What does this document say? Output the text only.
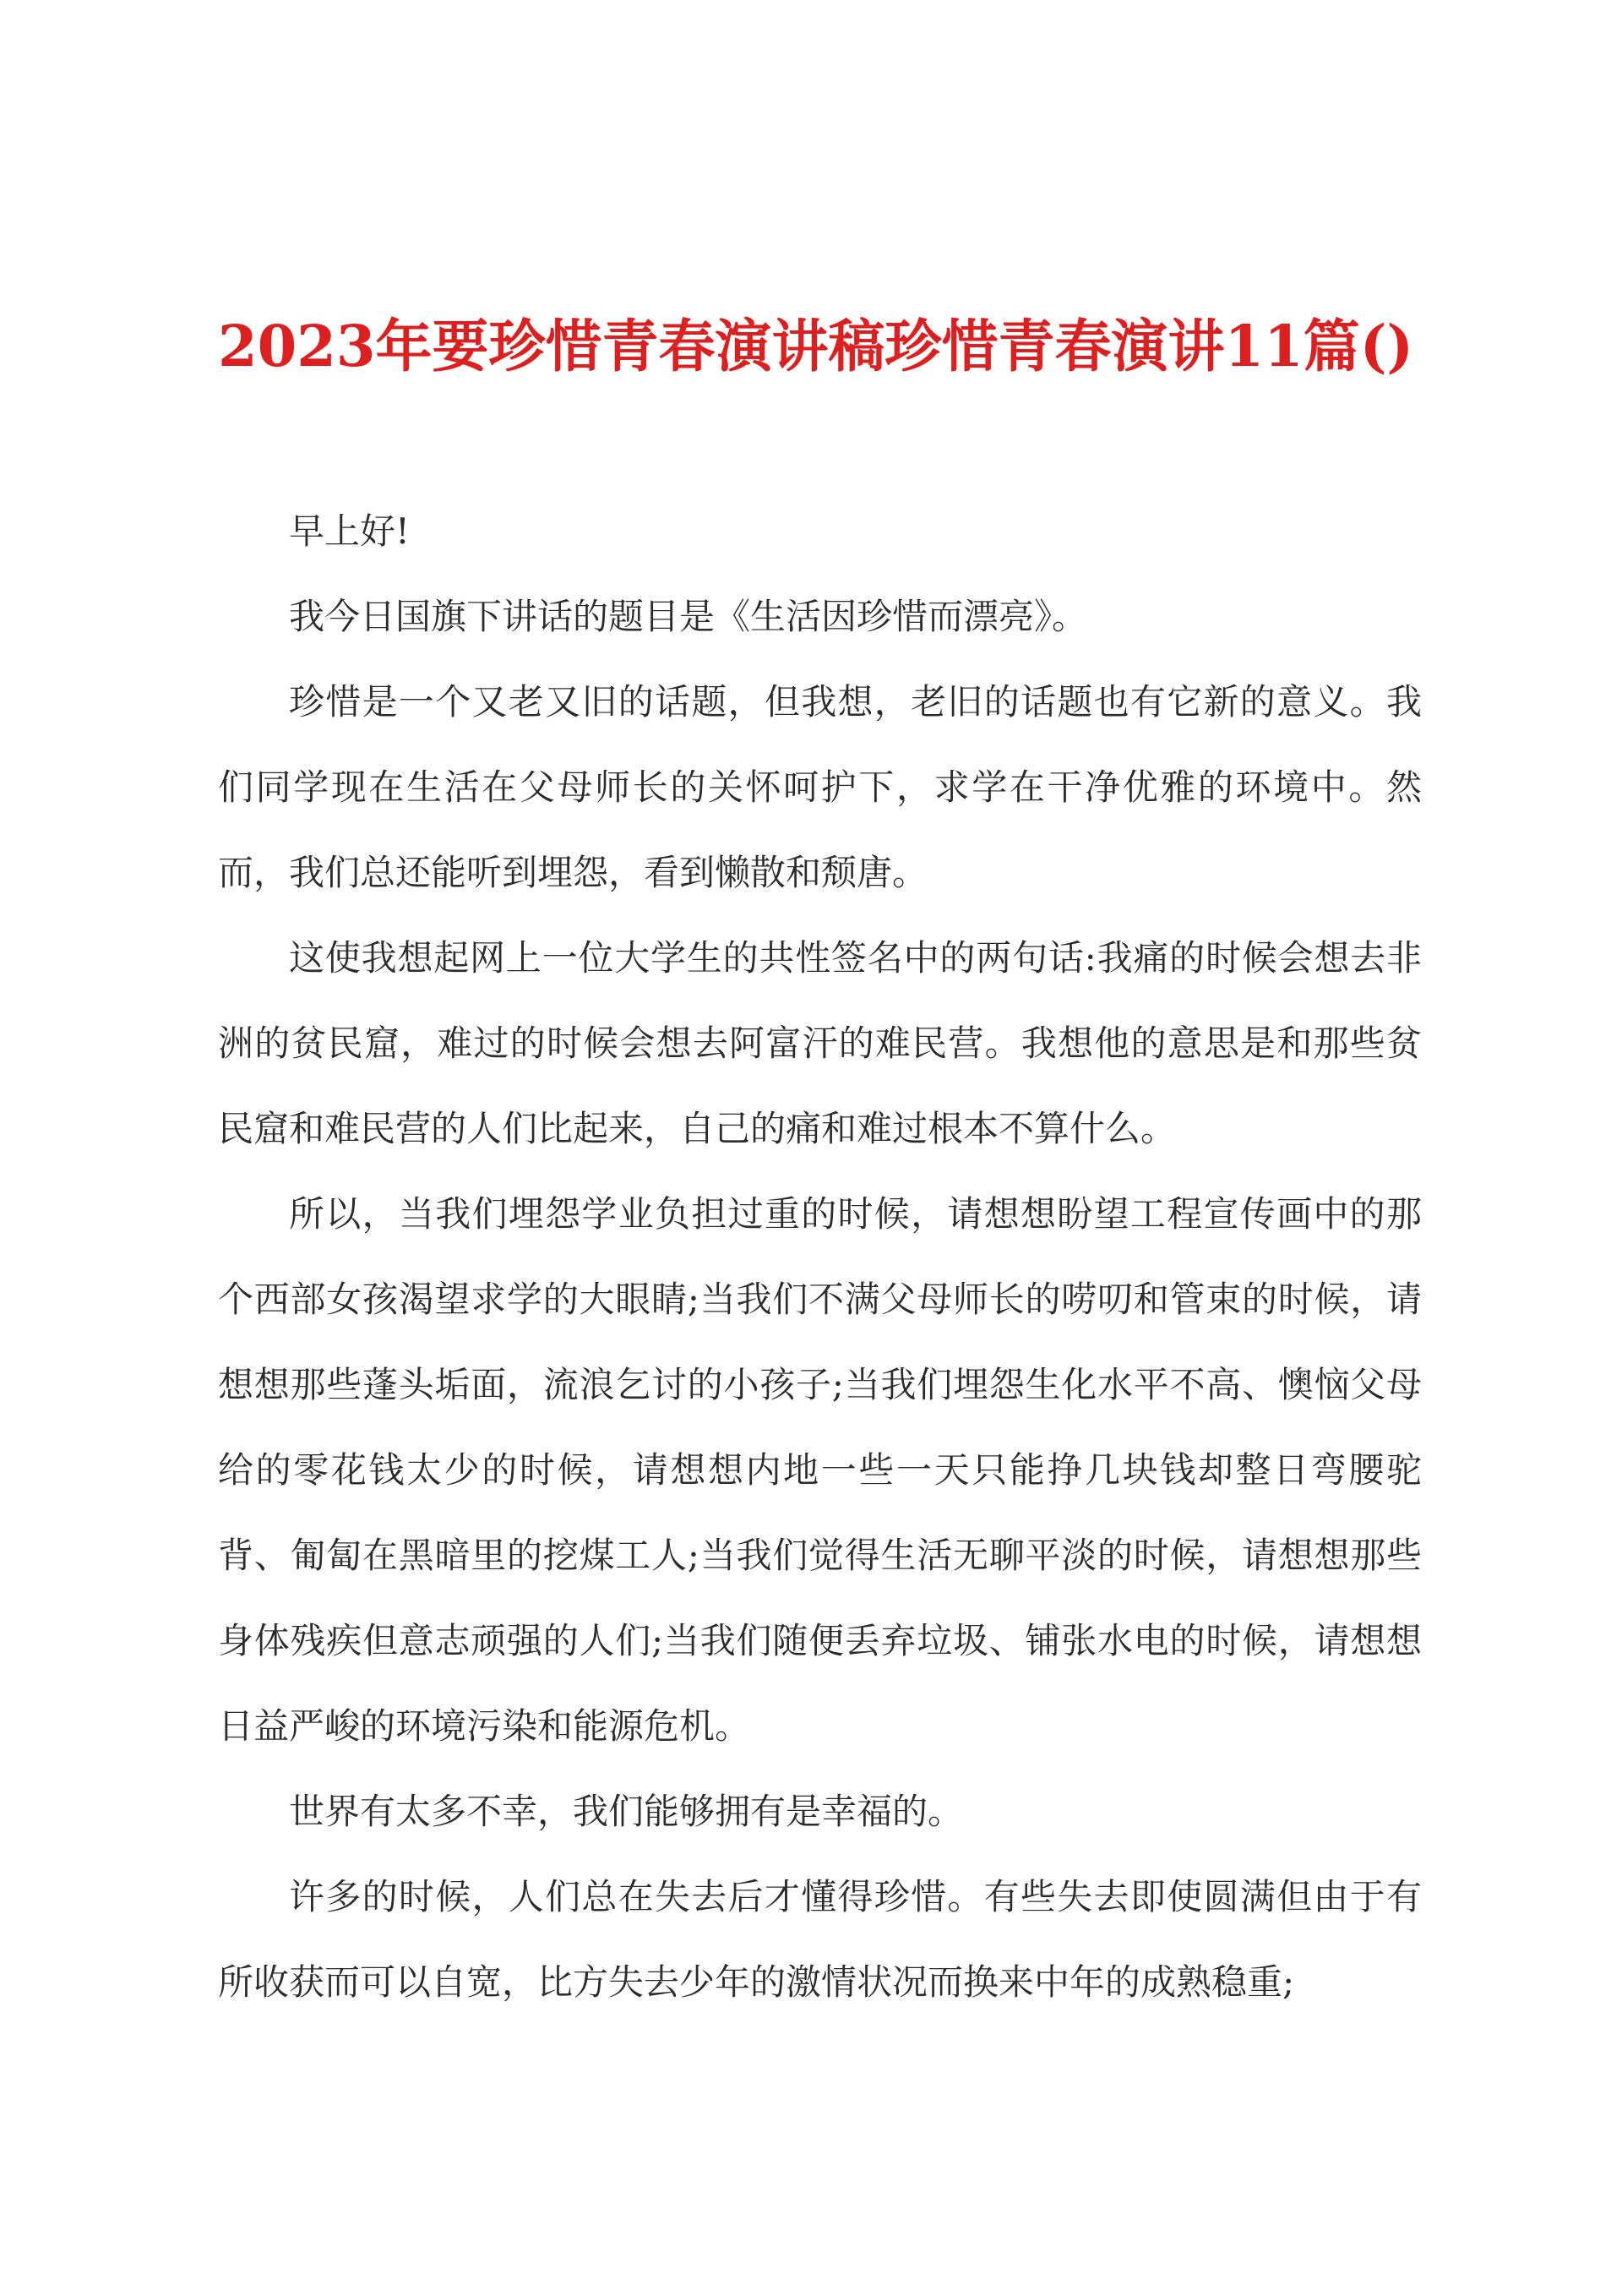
2023年要珍惜青春演讲稿珍惜青春演讲11篇()

早上好!

我今日国旗下讲话的题目是《生活因珍惜而漂亮》。

珍惜是一个又老又旧的话题，但我想，老旧的话题也有它新的意义。我们同学现在生活在父母师长的关怀呵护下，求学在干净优雅的环境中。然而，我们总还能听到埋怨，看到懒散和颓唐。

这使我想起网上一位大学生的共性签名中的两句话:我痛的时候会想去非洲的贫民窟，难过的时候会想去阿富汗的难民营。我想他的意思是和那些贫民窟和难民营的人们比起来，自己的痛和难过根本不算什么。

所以，当我们埋怨学业负担过重的时候，请想想盼望工程宣传画中的那个西部女孩渴望求学的大眼睛;当我们不满父母师长的唠叨和管束的时候，请想想那些蓬头垢面，流浪乞讨的小孩子;当我们埋怨生化水平不高、懊恼父母给的零花钱太少的时候，请想想内地一些一天只能挣几块钱却整日弯腰驼背、匍匐在黑暗里的挖煤工人;当我们觉得生活无聊平淡的时候，请想想那些身体残疾但意志顽强的人们;当我们随便丢弃垃圾、铺张水电的时候，请想想日益严峻的环境污染和能源危机。

世界有太多不幸，我们能够拥有是幸福的。

许多的时候，人们总在失去后才懂得珍惜。有些失去即使圆满但由于有所收获而可以自宽，比方失去少年的激情状况而换来中年的成熟稳重;
